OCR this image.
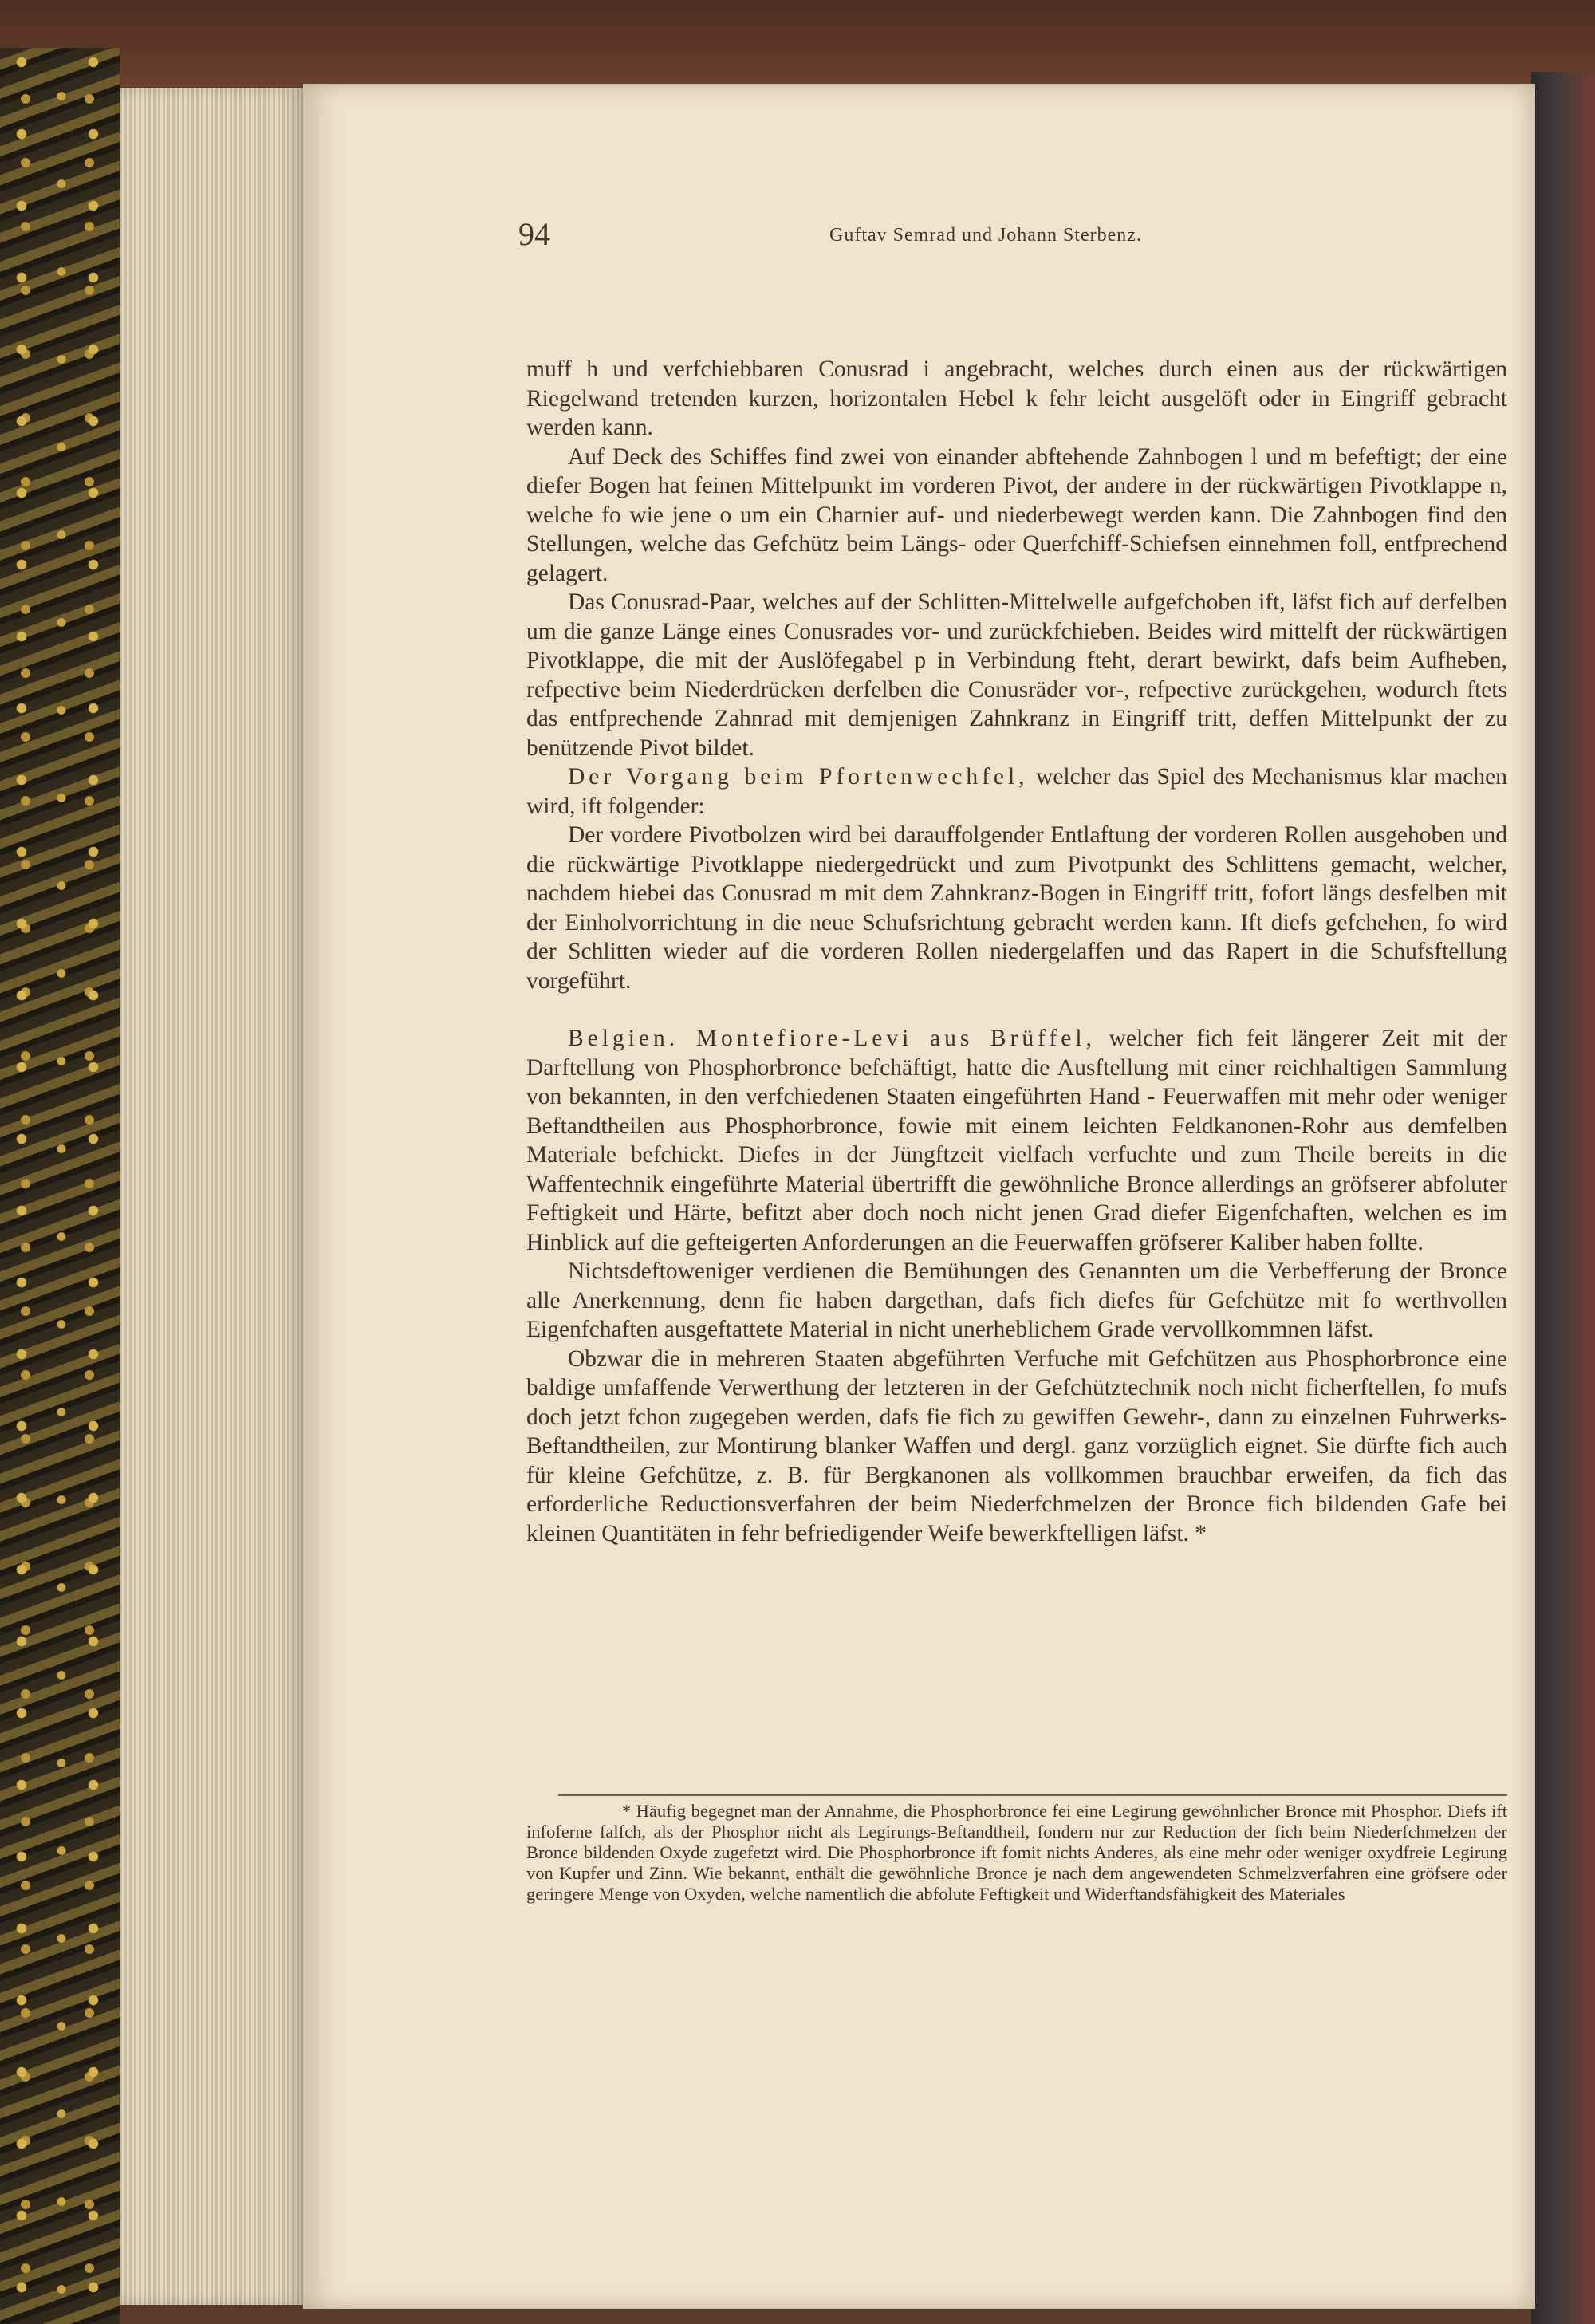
94	Guftav Semrad und Johann Sterbenz.

muff h und verfchiebbaren Conusrad i angebracht, welches durch einen aus der rückwärtigen Riegelwand tretenden kurzen, horizontalen Hebel k fehr leicht ausgelöft oder in Eingriff gebracht werden kann.

Auf Deck des Schiffes find zwei von einander abftehende Zahnbogen l und m befeftigt; der eine diefer Bogen hat feinen Mittelpunkt im vorderen Pivot, der andere in der rückwärtigen Pivotklappe n, welche fo wie jene o um ein Charnier auf- und niederbewegt werden kann. Die Zahnbogen find den Stellungen, welche das Gefchütz beim Längs- oder Querfchiff-Schiefsen einnehmen foll, entfprechend gelagert.

Das Conusrad-Paar, welches auf der Schlitten-Mittelwelle aufgefchoben ift, läfst fich auf derfelben um die ganze Länge eines Conusrades vor- und zurückfchieben. Beides wird mittelft der rückwärtigen Pivotklappe, die mit der Auslöfegabel p in Verbindung fteht, derart bewirkt, dafs beim Aufheben, refpective beim Niederdrücken derfelben die Conusräder vor-, refpective zurückgehen, wodurch ftets das entfprechende Zahnrad mit demjenigen Zahnkranz in Eingriff tritt, deffen Mittelpunkt der zu benützende Pivot bildet.

Der Vorgang beim Pfortenwechfel, welcher das Spiel des Mechanismus klar machen wird, ift folgender:

Der vordere Pivotbolzen wird bei darauffolgender Entlaftung der vorderen Rollen ausgehoben und die rückwärtige Pivotklappe niedergedrückt und zum Pivotpunkt des Schlittens gemacht, welcher, nachdem hiebei das Conusrad m mit dem Zahnkranz-Bogen in Eingriff tritt, fofort längs desfelben mit der Einholvorrichtung in die neue Schufsrichtung gebracht werden kann. Ift diefs gefchehen, fo wird der Schlitten wieder auf die vorderen Rollen niedergelaffen und das Rapert in die Schufsftellung vorgeführt.

Belgien. Montefiore-Levi aus Brüffel, welcher fich feit längerer Zeit mit der Darftellung von Phosphorbronce befchäftigt, hatte die Ausftellung mit einer reichhaltigen Sammlung von bekannten, in den verfchiedenen Staaten eingeführten Hand - Feuerwaffen mit mehr oder weniger Beftandtheilen aus Phosphorbronce, fowie mit einem leichten Feldkanonen-Rohr aus demfelben Materiale befchickt. Diefes in der Jüngftzeit vielfach verfuchte und zum Theile bereits in die Waffentechnik eingeführte Material übertrifft die gewöhnliche Bronce allerdings an gröfserer abfoluter Feftigkeit und Härte, befitzt aber doch noch nicht jenen Grad diefer Eigenfchaften, welchen es im Hinblick auf die gefteigerten Anforderungen an die Feuerwaffen gröfserer Kaliber haben follte.

Nichtsdeftoweniger verdienen die Bemühungen des Genannten um die Verbefferung der Bronce alle Anerkennung, denn fie haben dargethan, dafs fich diefes für Gefchütze mit fo werthvollen Eigenfchaften ausgeftattete Material in nicht unerheblichem Grade vervollkommnen läfst.

Obzwar die in mehreren Staaten abgeführten Verfuche mit Gefchützen aus Phosphorbronce eine baldige umfaffende Verwerthung der letzteren in der Gefchütztechnik noch nicht ficherftellen, fo mufs doch jetzt fchon zugegeben werden, dafs fie fich zu gewiffen Gewehr-, dann zu einzelnen Fuhrwerks-Beftandtheilen, zur Montirung blanker Waffen und dergl. ganz vorzüglich eignet. Sie dürfte fich auch für kleine Gefchütze, z. B. für Bergkanonen als vollkommen brauchbar erweifen, da fich das erforderliche Reductionsverfahren der beim Niederfchmelzen der Bronce fich bildenden Gafe bei kleinen Quantitäten in fehr befriedigender Weife bewerkftelligen läfst. *

* Häufig begegnet man der Annahme, die Phosphorbronce fei eine Legirung gewöhnlicher Bronce mit Phosphor. Diefs ift infoferne falfch, als der Phosphor nicht als Legirungs-Beftandtheil, fondern nur zur Reduction der fich beim Niederfchmelzen der Bronce bildenden Oxyde zugefetzt wird. Die Phosphorbronce ift fomit nichts Anderes, als eine mehr oder weniger oxydfreie Legirung von Kupfer und Zinn. Wie bekannt, enthält die gewöhnliche Bronce je nach dem angewendeten Schmelzverfahren eine gröfsere oder geringere Menge von Oxyden, welche namentlich die abfolute Feftigkeit und Widerftandsfähigkeit des Materiales
